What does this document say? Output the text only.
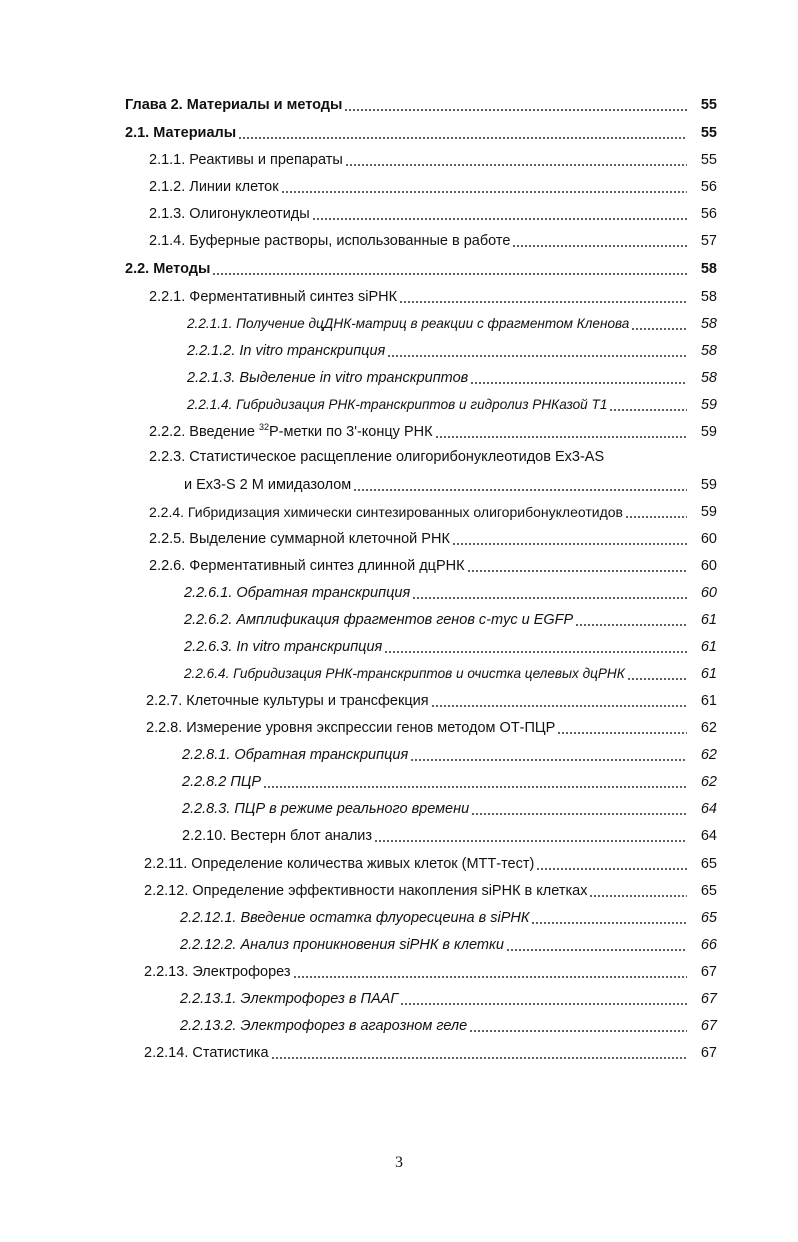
Глава 2. Материалы и методы	55
2.1. Материалы	55
2.1.1. Реактивы и препараты	55
2.1.2. Линии клеток	56
2.1.3. Олигонуклеотиды	56
2.1.4. Буферные растворы, использованные в работе	57
2.2. Методы	58
2.2.1. Ферментативный синтез siРНК	58
2.2.1.1. Получение дцДНК-матриц в реакции с фрагментом Кленова	58
2.2.1.2. In vitro транскрипция	58
2.2.1.3. Выделение in vitro транскриптов	58
2.2.1.4. Гибридизация РНК-транскриптов и гидролиз РНКазой Т1	59
2.2.2. Введение $^{32}$Р-метки по 3'-концу РНК	59
2.2.3. Статистическое расщепление олигорибонуклеотидов Ex3-AS
и Ex3-S 2 М имидазолом	59
2.2.4. Гибридизация химически синтезированных олигорибонуклеотидов	59
2.2.5. Выделение суммарной клеточной РНК	60
2.2.6. Ферментативный синтез длинной дцРНК	60
2.2.6.1. Обратная транскрипция	60
2.2.6.2. Амплификация фрагментов генов c-myc и EGFP	61
2.2.6.3. In vitro транскрипция	61
2.2.6.4. Гибридизация РНК-транскриптов и очистка целевых дцРНК	61
2.2.7. Клеточные культуры и трансфекция	61
2.2.8. Измерение уровня экспрессии генов методом ОТ-ПЦР	62
2.2.8.1. Обратная транскрипция	62
2.2.8.2 ПЦР	62
2.2.8.3. ПЦР в режиме реального времени	64
2.2.10. Вестерн блот анализ	64
2.2.11. Определение количества живых клеток (МТТ-тест)	65
2.2.12. Определение эффективности накопления siРНК в клетках	65
2.2.12.1. Введение остатка флуоресцеина в siРНК	65
2.2.12.2. Анализ проникновения siРНК в клетки	66
2.2.13. Электрофорез	67
2.2.13.1. Электрофорез в ПААГ	67
2.2.13.2. Электрофорез в агарозном геле	67
2.2.14. Статистика	67
3
